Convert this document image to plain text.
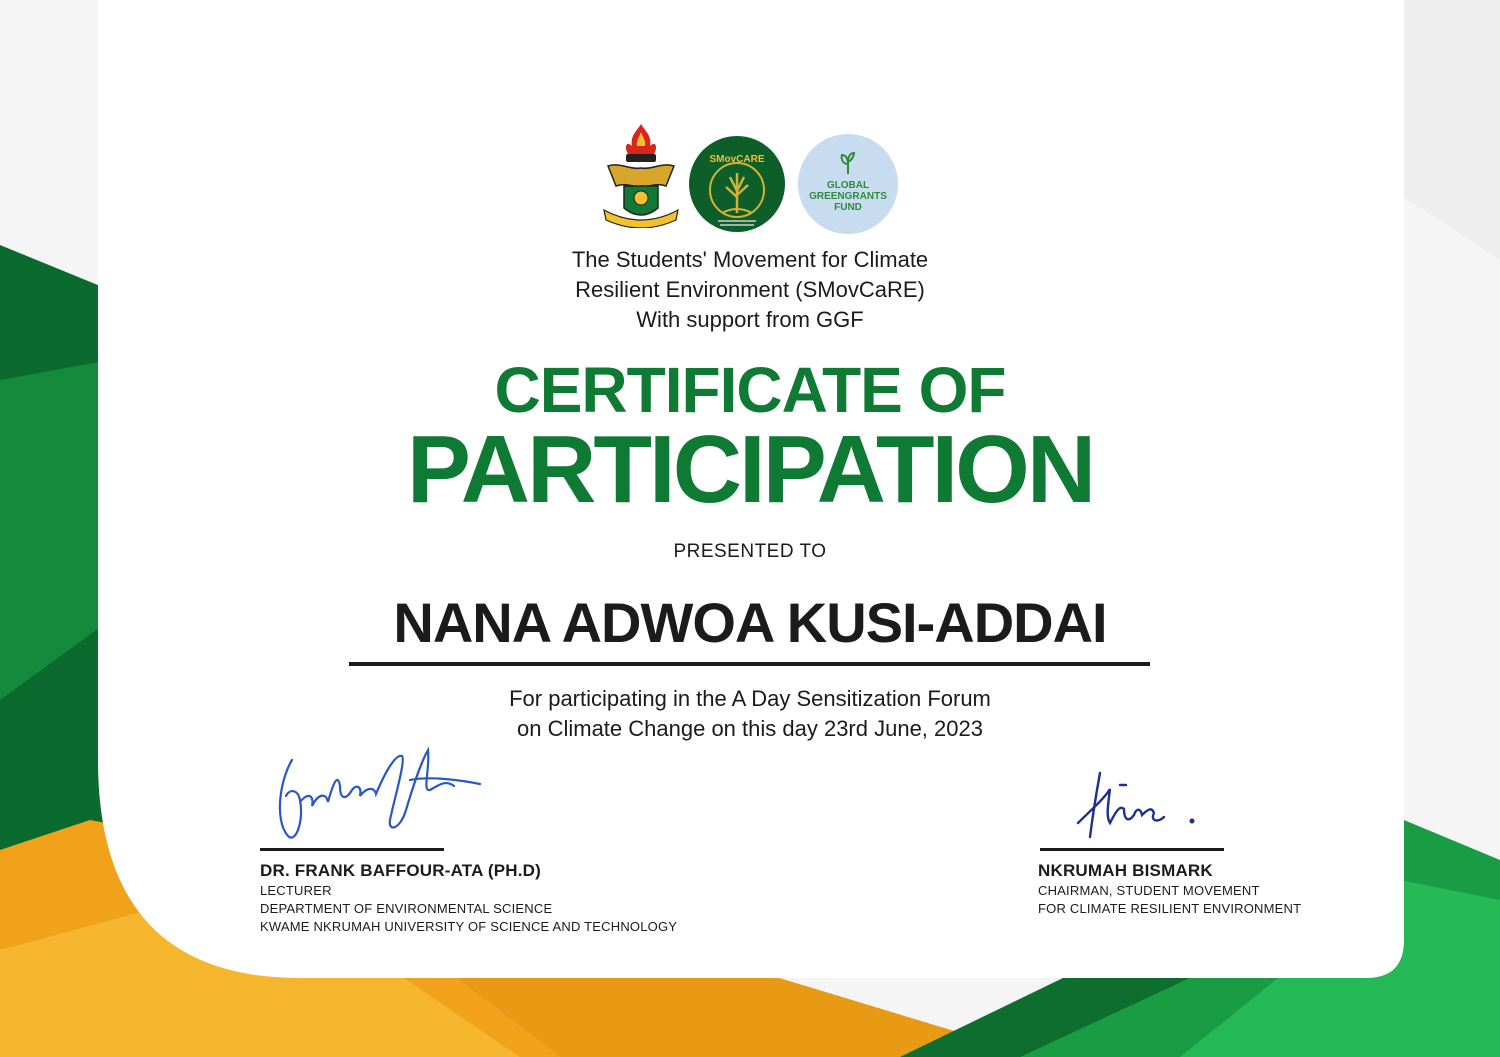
SMovCARE
GLOBAL
GREENGRANTS
FUND
The Students' Movement for Climate
Resilient Environment (SMovCaRE)
With support from GGF
CERTIFICATE OF
PARTICIPATION
PRESENTED TO
NANA ADWOA KUSI-ADDAI
For participating in the A Day Sensitization Forum
on Climate Change on this day 23rd June, 2023
DR. FRANK BAFFOUR-ATA (PH.D)
LECTURER
DEPARTMENT OF ENVIRONMENTAL SCIENCE
KWAME NKRUMAH UNIVERSITY OF SCIENCE AND TECHNOLOGY
NKRUMAH BISMARK
CHAIRMAN, STUDENT MOVEMENT
FOR CLIMATE RESILIENT ENVIRONMENT
